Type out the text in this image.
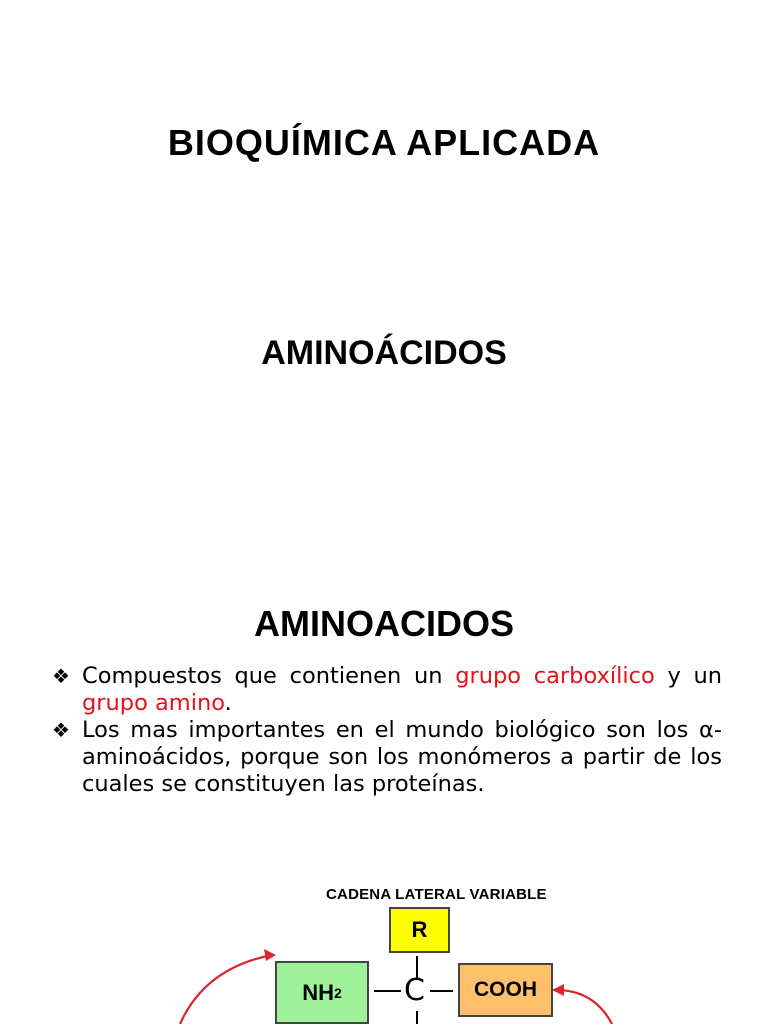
BIOQUÍMICA APLICADA
AMINOÁCIDOS
AMINOACIDOS
❖ Compuestos que contienen un grupo carboxílico y un grupo amino.
❖ Los mas importantes en el mundo biológico son los α-aminoácidos, porque son los monómeros a partir de los cuales se constituyen las proteínas.
CADENA LATERAL VARIABLE
R
NH 2	COOH
C
